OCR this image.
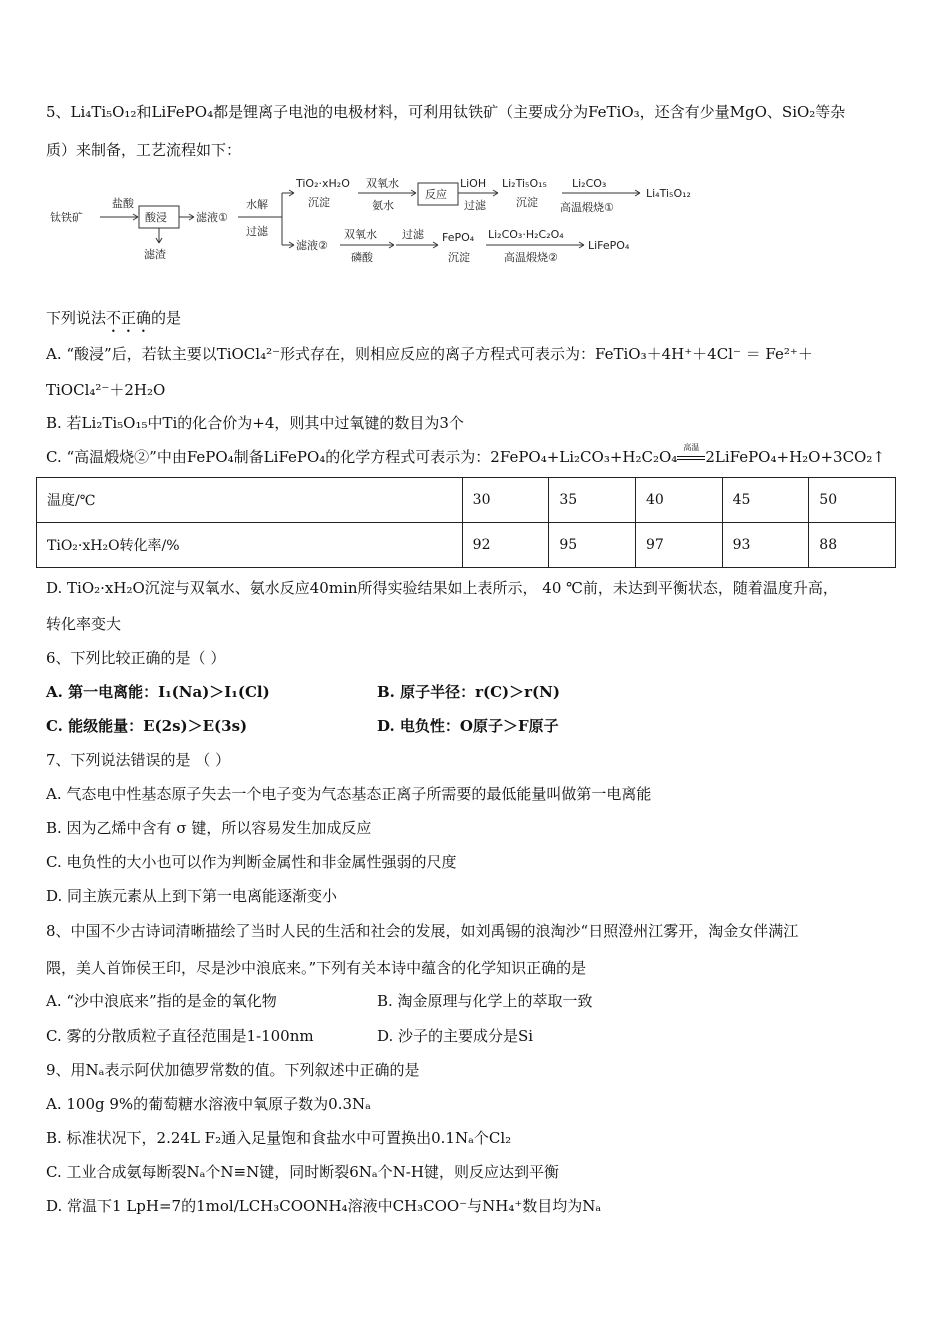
5、Li₄Ti₅O₁₂和LiFePO₄都是锂离子电池的电极材料，可利用钛铁矿（主要成分为FeTiO₃，还含有少量MgO、SiO₂等杂
质）来制备，工艺流程如下：
钛铁矿
盐酸
酸浸
滤渣
滤液①
水解
过滤
TiO₂·xH₂O
沉淀
双氧水
氨水
反应
LiOH
过滤
Li₂Ti₅O₁₅
沉淀
Li₂CO₃
高温煅烧①
Li₄Ti₅O₁₂
滤液②
双氧水
磷酸
过滤 FePO₄
沉淀
Li₂CO₃·H₂C₂O₄
高温煅烧②
LiFePO₄
下列说法不正确的是
A. “酸浸”后，若钛主要以TiOCl₄²⁻形式存在，则相应反应的离子方程式可表示为：FeTiO₃＋4H⁺＋4Cl⁻ ＝ Fe²⁺＋
TiOCl₄²⁻＋2H₂O
B. 若Li₂Ti₅O₁₅中Ti的化合价为+4，则其中过氧键的数目为3个
C. “高温煅烧②”中由FePO₄制备LiFePO₄的化学方程式可表示为：2FePO₄+Li₂CO₃+H₂C₂O₄
高温
2LiFePO₄+H₂O+3CO₂↑
温度/℃	30	35	40	45	50
TiO₂·xH₂O转化率/%	92	95	97	93	88
D. TiO₂·xH₂O沉淀与双氧水、氨水反应40min所得实验结果如上表所示， 40 ℃前，未达到平衡状态，随着温度升高，
转化率变大
6、下列比较正确的是（ ）
A. 第一电离能：I₁(Na)＞I₁(Cl)	B. 原子半径：r(C)＞r(N)
C. 能级能量：E(2s)＞E(3s)	D. 电负性：O原子＞F原子
7、下列说法错误的是 （ ）
A. 气态电中性基态原子失去一个电子变为气态基态正离子所需要的最低能量叫做第一电离能
B. 因为乙烯中含有 σ 键，所以容易发生加成反应
C. 电负性的大小也可以作为判断金属性和非金属性强弱的尺度
D. 同主族元素从上到下第一电离能逐渐变小
8、中国不少古诗词清晰描绘了当时人民的生活和社会的发展，如刘禹锡的浪淘沙“日照澄州江雾开，淘金女伴满江
隈，美人首饰侯王印，尽是沙中浪底来。”下列有关本诗中蕴含的化学知识正确的是
A. “沙中浪底来”指的是金的氧化物	B. 淘金原理与化学上的萃取一致
C. 雾的分散质粒子直径范围是1-100nm	D. 沙子的主要成分是Si
9、用Nₐ表示阿伏加德罗常数的值。下列叙述中正确的是
A. 100g 9%的葡萄糖水溶液中氧原子数为0.3Nₐ
B. 标准状况下，2.24L F₂通入足量饱和食盐水中可置换出0.1Nₐ个Cl₂
C. 工业合成氨每断裂Nₐ个N≡N键，同时断裂6Nₐ个N-H键，则反应达到平衡
D. 常温下1 LpH=7的1mol/LCH₃COONH₄溶液中CH₃COO⁻与NH₄⁺数目均为Nₐ
